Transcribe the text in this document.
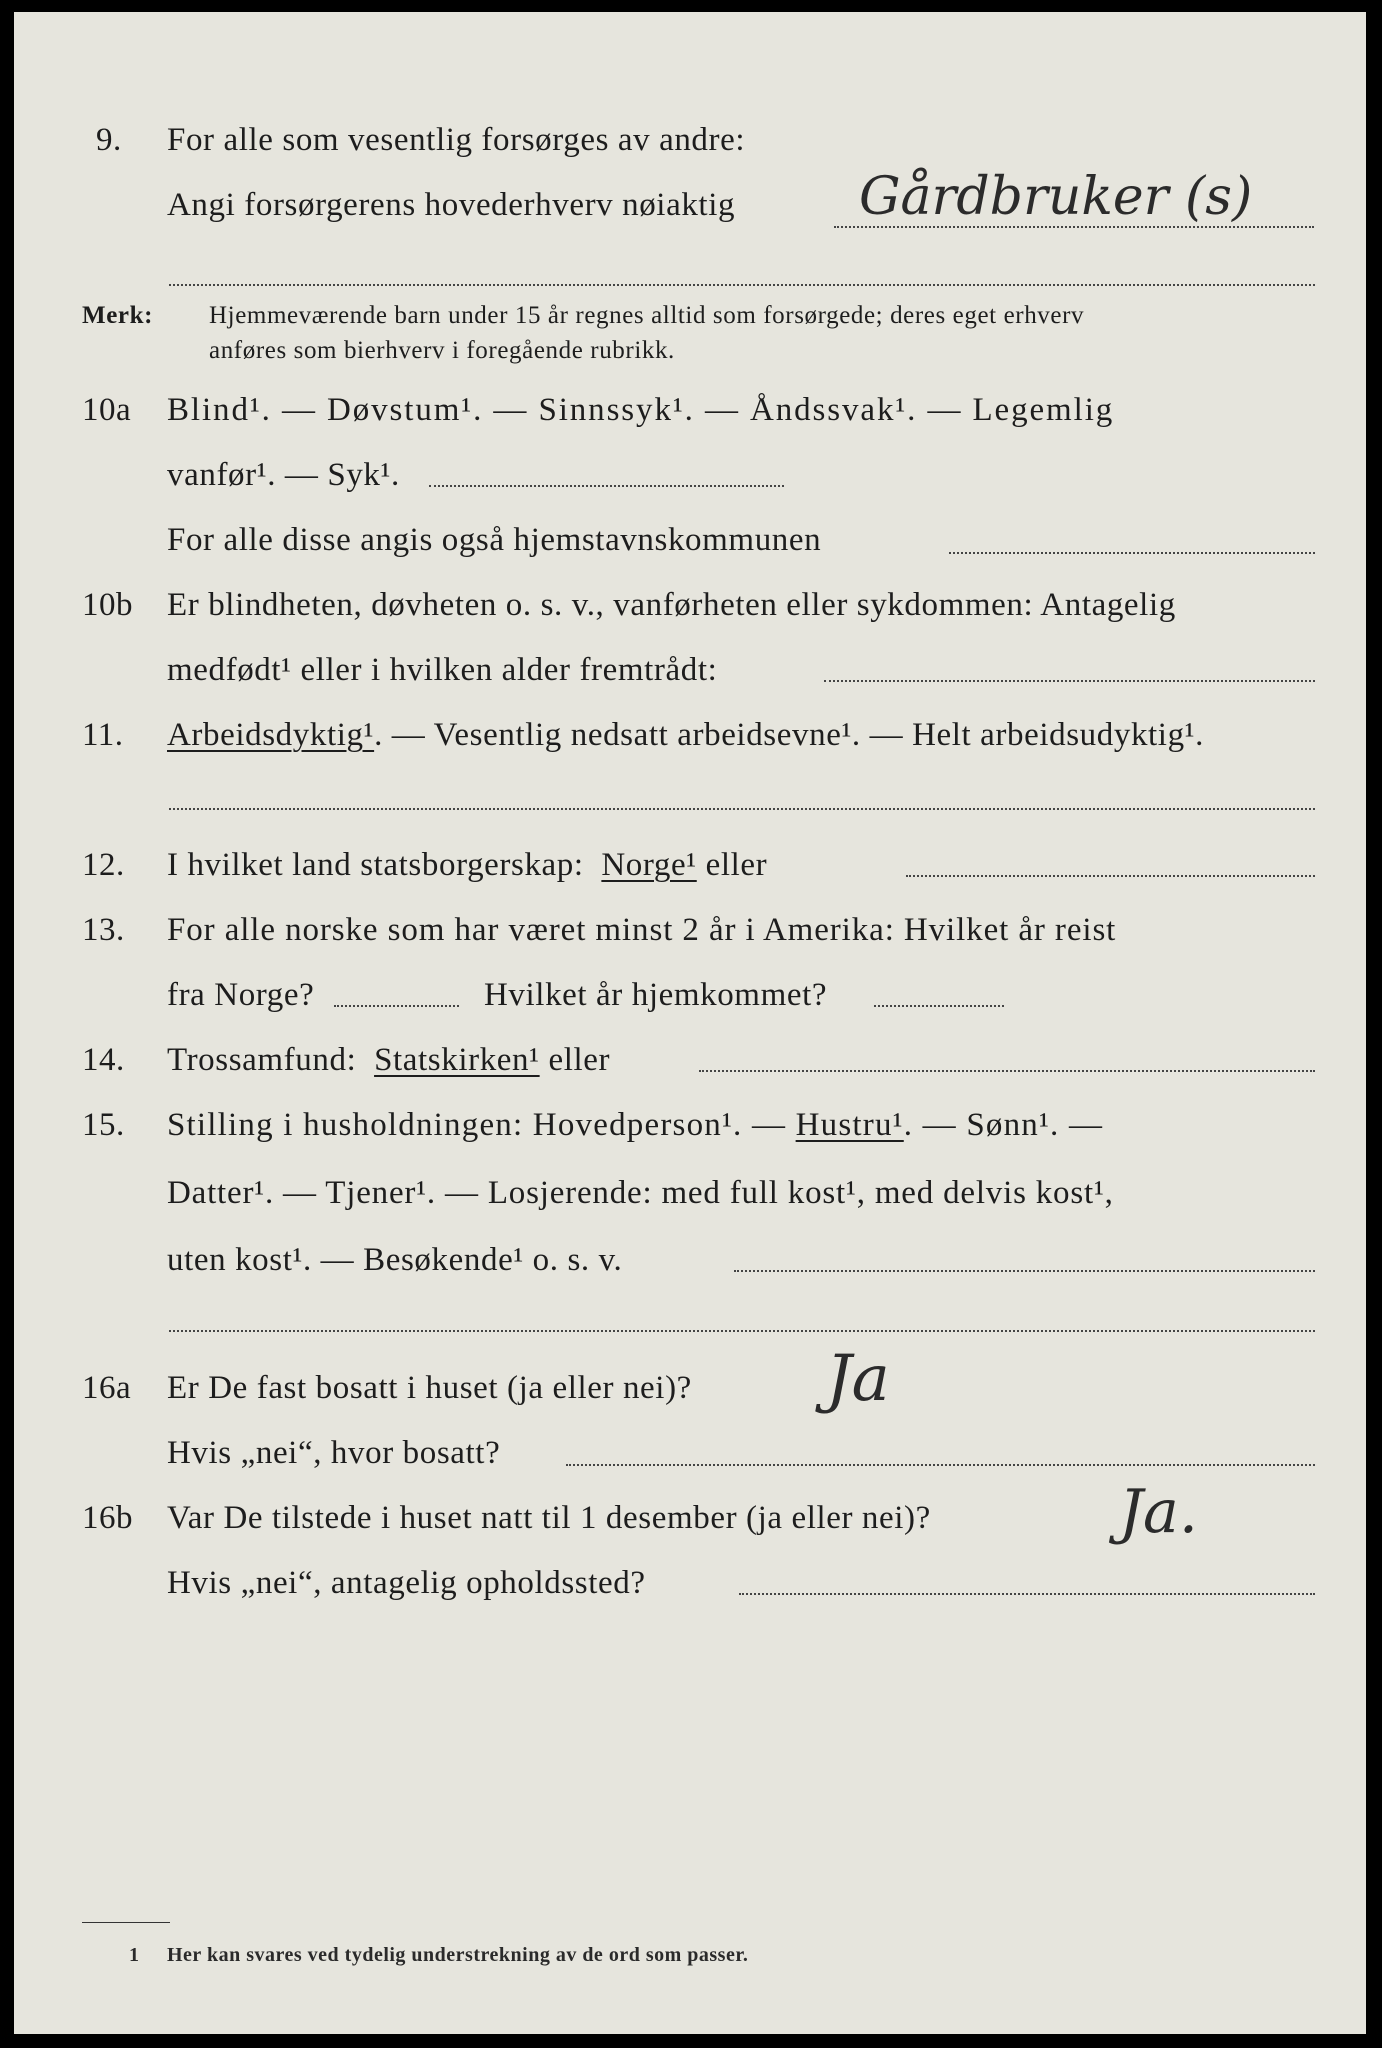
9. For alle som vesentlig forsørges av andre:
Angi forsørgerens hovederhverv nøiaktig Gårdbruker (s)
Merk: Hjemmeværende barn under 15 år regnes alltid som forsørgede; deres eget erhverv
anføres som bierhverv i foregående rubrikk.
10a Blind¹. — Døvstum¹. — Sinnssyk¹. — Åndssvak¹. — Legemlig
vanfør¹. — Syk¹.
For alle disse angis også hjemstavnskommunen
10b Er blindheten, døvheten o. s. v., vanførheten eller sykdommen: Antagelig
medfødt¹ eller i hvilken alder fremtrådt:
11. Arbeidsdyktig¹. — Vesentlig nedsatt arbeidsevne¹. — Helt arbeidsudyktig¹.
12. I hvilket land statsborgerskap: Norge¹ eller
13. For alle norske som har været minst 2 år i Amerika: Hvilket år reist
fra Norge?	Hvilket år hjemkommet?
14. Trossamfund: Statskirken¹ eller
15. Stilling i husholdningen: Hovedperson¹. — Hustru¹. — Sønn¹. —
Datter¹. — Tjener¹. — Losjerende: med full kost¹, med delvis kost¹,
uten kost¹. — Besøkende¹ o. s. v.
16a Er De fast bosatt i huset (ja eller nei)? Ja
Hvis „nei“, hvor bosatt?
16b Var De tilstede i huset natt til 1 desember (ja eller nei)?	Ja.
Hvis „nei“, antagelig opholdssted?
1 Her kan svares ved tydelig understrekning av de ord som passer.
